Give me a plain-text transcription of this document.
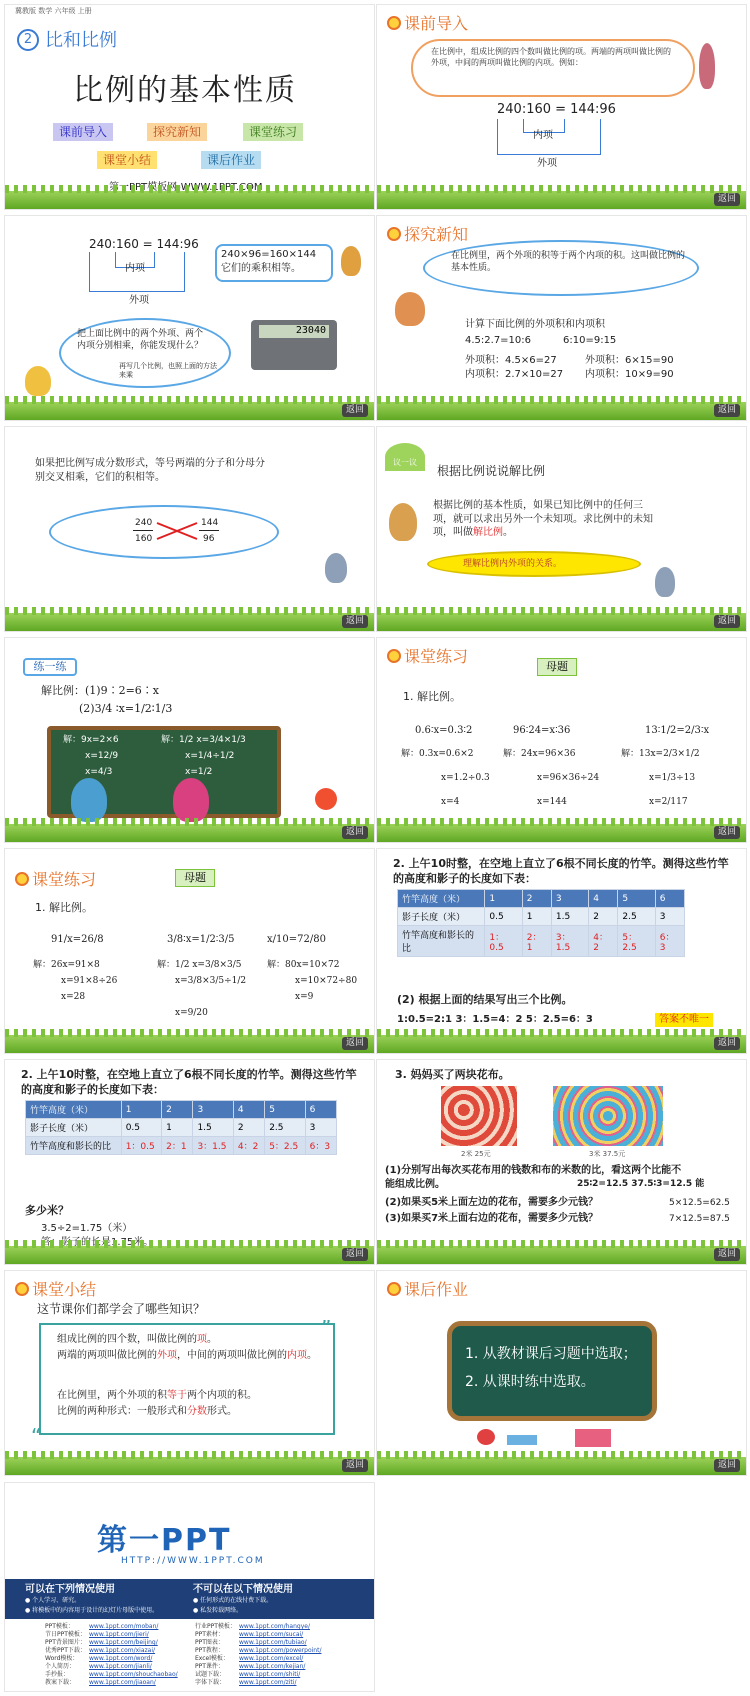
冀教版 数学 六年级 上册
2 比和比例
比例的基本性质
课前导入	探究新知	课堂练习
课堂小结	课后作业
课前导入
在比例中，组成比例的四个数叫做比例的项。两端的两项叫做比例的外项，中间的两项叫做比例的内项。例如：
240:160 = 144:96
内项
外项
返回
240:160 = 144:96
内项
外项
240×96=160×144 它们的乘积相等。
23040
把上面比例中的两个外项、两个内项分别相乘，你能发现什么？
再写几个比例，也照上面的方法来乘
返回
探究新知
在比例里，两个外项的积等于两个内项的积。这叫做比例的基本性质。
计算下面比例的外项积和内项积
4.5:2.7=10:6	6:10=9:15
外项积：4.5×6=27
内项积：2.7×10=27
外项积：6×15=90
内项积：10×9=90
返回
如果把比例写成分数形式，等号两端的分子和分母分别交叉相乘，它们的积相等。
240
160
144
96
返回
议一议
根据比例说说解比例
根据比例的基本性质，如果已知比例中的任何三项，就可以求出另外一个未知项。求比例中的未知项，叫做解比例。
理解比例内外项的关系。
返回
练一练
解比例：(1)9∶2=6∶x
(2)3/4 ∶x=1/2∶1/3
解：9x=2×6
x=12/9
x=4/3
解：1/2 x=3/4×1/3
x=1/4÷1/2
x=1/2
返回
课堂练习
母题
1. 解比例。
0.6∶x=0.3∶2	96∶24=x∶36	13∶1/2=2/3∶x
解：0.3x=0.6×2
x=1.2÷0.3
x=4
解：24x=96×36
x=96×36÷24
x=144
解：13x=2/3×1/2
x=1/3÷13
x=2/117
返回
课堂练习	母题
1. 解比例。
91/x=26/8	3/8∶x=1/2∶3/5	x/10=72/80
解：26x=91×8
x=91×8÷26
x=28
解：1/2 x=3/8×3/5
x=3/8×3/5÷1/2
x=9/20
解：80x=10×72
x=10×72÷80
x=9
返回
2. 上午10时整，在空地上直立了6根不同长度的竹竿。测得这些竹竿的高度和影子的长度如下表：
竹竿高度（米）	1	2	3	4	5	6
影子长度（米）	0.5	1	1.5	2	2.5	3
竹竿高度和影长的比	1：0.5	2：1	3：1.5	4：2	5：2.5	6：3
(2) 根据上面的结果写出三个比例。
1:0.5=2:1 3：1.5=4：2 5：2.5=6：3	答案不唯一
返回
2. 上午10时整，在空地上直立了6根不同长度的竹竿。测得这些竹竿的高度和影子的长度如下表：
竹竿高度（米）	1	2	3	4	5	6
影子长度（米）	0.5	1	1.5	2	2.5	3
竹竿高度和影长的比	1：0.5	2：1	3：1.5	4：2	5：2.5	6：3
多少米？
3.5÷2=1.75（米）
返回
3. 妈妈买了两块花布。
2米 25元	3米 37.5元
(1)分别写出每次买花布用的钱数和布的米数的比，看这两个比能不能组成比例。	25∶2=12.5 37.5∶3=12.5 能
(2)如果买5米上面左边的花布，需要多少元钱？	5×12.5=62.5
(3)如果买7米上面右边的花布，需要多少元钱？	7×12.5=87.5
返回
课堂小结
这节课你们都学会了哪些知识？
”
“
组成比例的四个数，叫做比例的项。
两端的两项叫做比例的外项，中间的两项叫做比例的内项。
在比例里，两个外项的积等于两个内项的积。
比例的两种形式：一般形式和分数形式。
返回
课后作业
1. 从教材课后习题中选取；
2. 从课时练中选取。
返回
第一PPT
HTTP://WWW.1PPT.COM
可以在下列情况使用
● 个人学习、研究。
● 将模板中的内容用于设计的幻灯片母版中使用。
不可以在以下情况使用
● 任何形式的在线付费下载。
● 私发转载网络。
PPT模板：	www.1ppt.com/moban/
节日PPT模板： www.1ppt.com/jieri/
PPT背景图片： www.1ppt.com/beijing/
优秀PPT下载： www.1ppt.com/xiazai/
Word模板： www.1ppt.com/word/
个人简历： www.1ppt.com/jianli/
手抄报：	www.1ppt.com/shouchaobao/
教案下载： www.1ppt.com/jiaoan/
行业PPT模板： www.1ppt.com/hangye/
PPT素材：	www.1ppt.com/sucai/
PPT图表：	www.1ppt.com/tubiao/
PPT教程：	www.1ppt.com/powerpoint/
Excel模板： www.1ppt.com/excel/
PPT课件：	www.1ppt.com/kejian/
试题下载： www.1ppt.com/shiti/
字体下载： www.1ppt.com/ziti/
